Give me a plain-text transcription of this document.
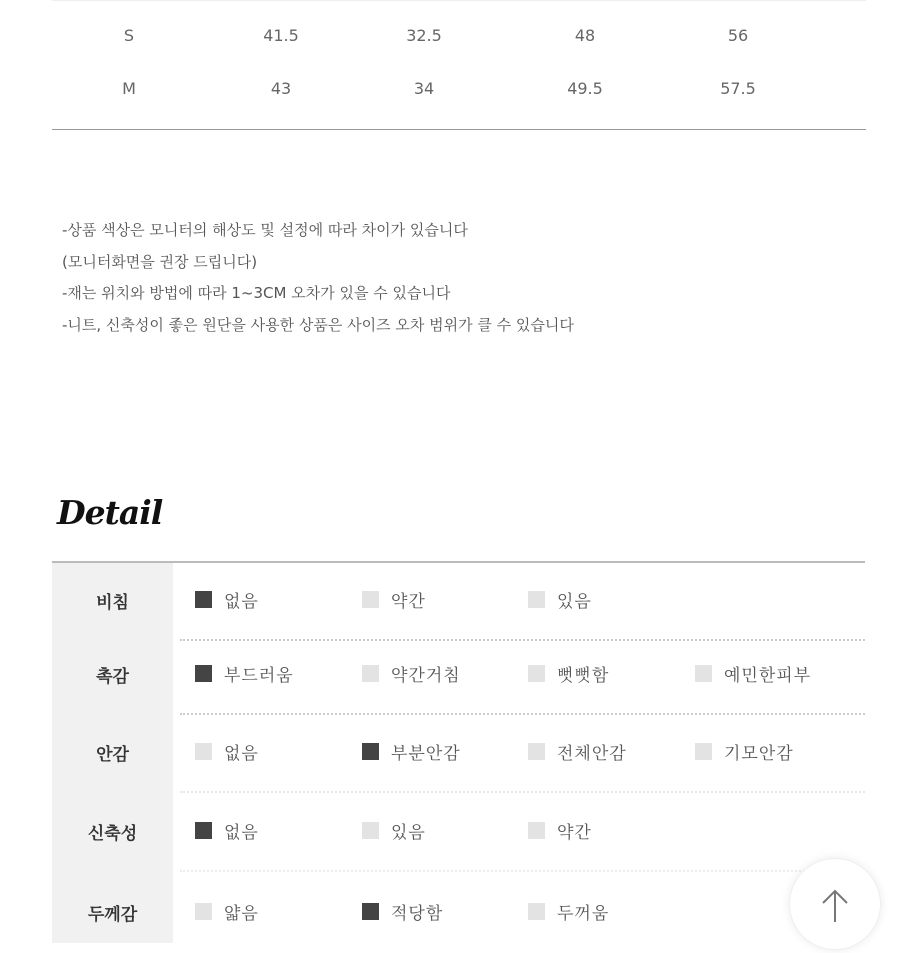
S	41.5	32.5	48	56
M	43	34	49.5	57.5
-상품 색상은 모니터의 해상도 및 설정에 따라 차이가 있습니다
(모니터화면을 권장 드립니다)
-재는 위치와 방법에 따라 1~3CM 오차가 있을 수 있습니다
-니트, 신축성이 좋은 원단을 사용한 상품은 사이즈 오차 범위가 클 수 있습니다
Detail
비침	없음	약간	있음
촉감	부드러움	약간거침	뻣뻣함	예민한피부
안감	없음	부분안감	전체안감	기모안감
신축성	없음	있음	약간
두께감	얇음	적당함	두꺼움
